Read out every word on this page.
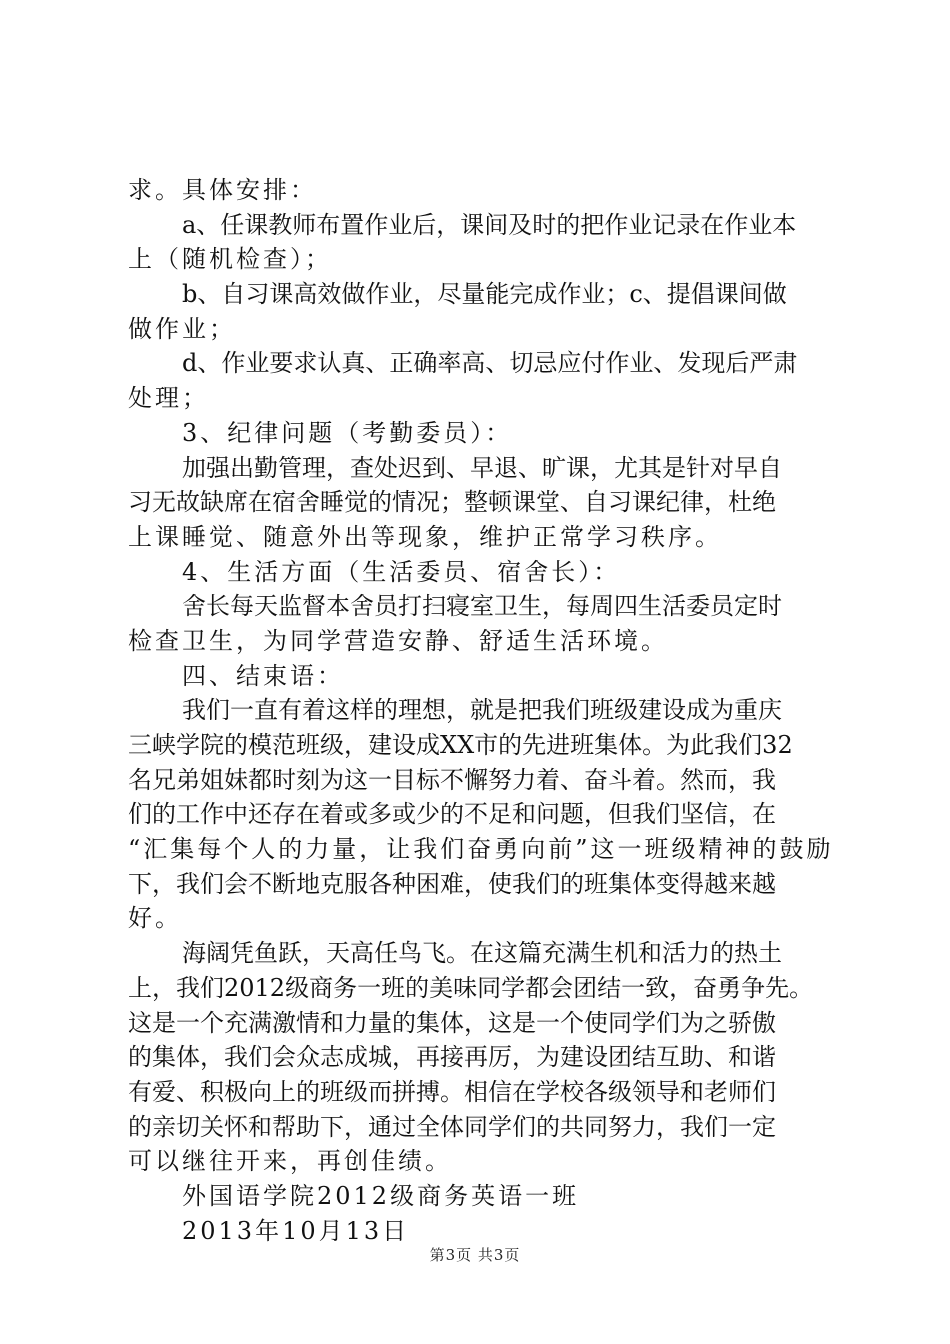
求。具体安排：
a、任课教师布置作业后，课间及时的把作业记录在作业本
上（随机检查）；
b、自习课高效做作业，尽量能完成作业；c、提倡课间做
做作业；
d、作业要求认真、正确率高、切忌应付作业、发现后严肃
处理；
3、纪律问题（考勤委员）：
加强出勤管理，查处迟到、早退、旷课，尤其是针对早自
习无故缺席在宿舍睡觉的情况；整顿课堂、自习课纪律，杜绝
上课睡觉、随意外出等现象，维护正常学习秩序。
4、生活方面（生活委员、宿舍长）：
舍长每天监督本舍员打扫寝室卫生，每周四生活委员定时
检查卫生，为同学营造安静、舒适生活环境。
四、结束语：
我们一直有着这样的理想，就是把我们班级建设成为重庆
三峡学院的模范班级，建设成XX市的先进班集体。为此我们32
名兄弟姐妹都时刻为这一目标不懈努力着、奋斗着。然而，我
们的工作中还存在着或多或少的不足和问题，但我们坚信，在
“汇集每个人的力量，让我们奋勇向前”这一班级精神的鼓励
下，我们会不断地克服各种困难，使我们的班集体变得越来越
好。
海阔凭鱼跃，天高任鸟飞。在这篇充满生机和活力的热土
上，我们2012级商务一班的美味同学都会团结一致，奋勇争先。
这是一个充满激情和力量的集体，这是一个使同学们为之骄傲
的集体，我们会众志成城，再接再厉，为建设团结互助、和谐
有爱、积极向上的班级而拼搏。相信在学校各级领导和老师们
的亲切关怀和帮助下，通过全体同学们的共同努力，我们一定
可以继往开来，再创佳绩。
外国语学院2012级商务英语一班
2013年10月13日
第3页 共3页
